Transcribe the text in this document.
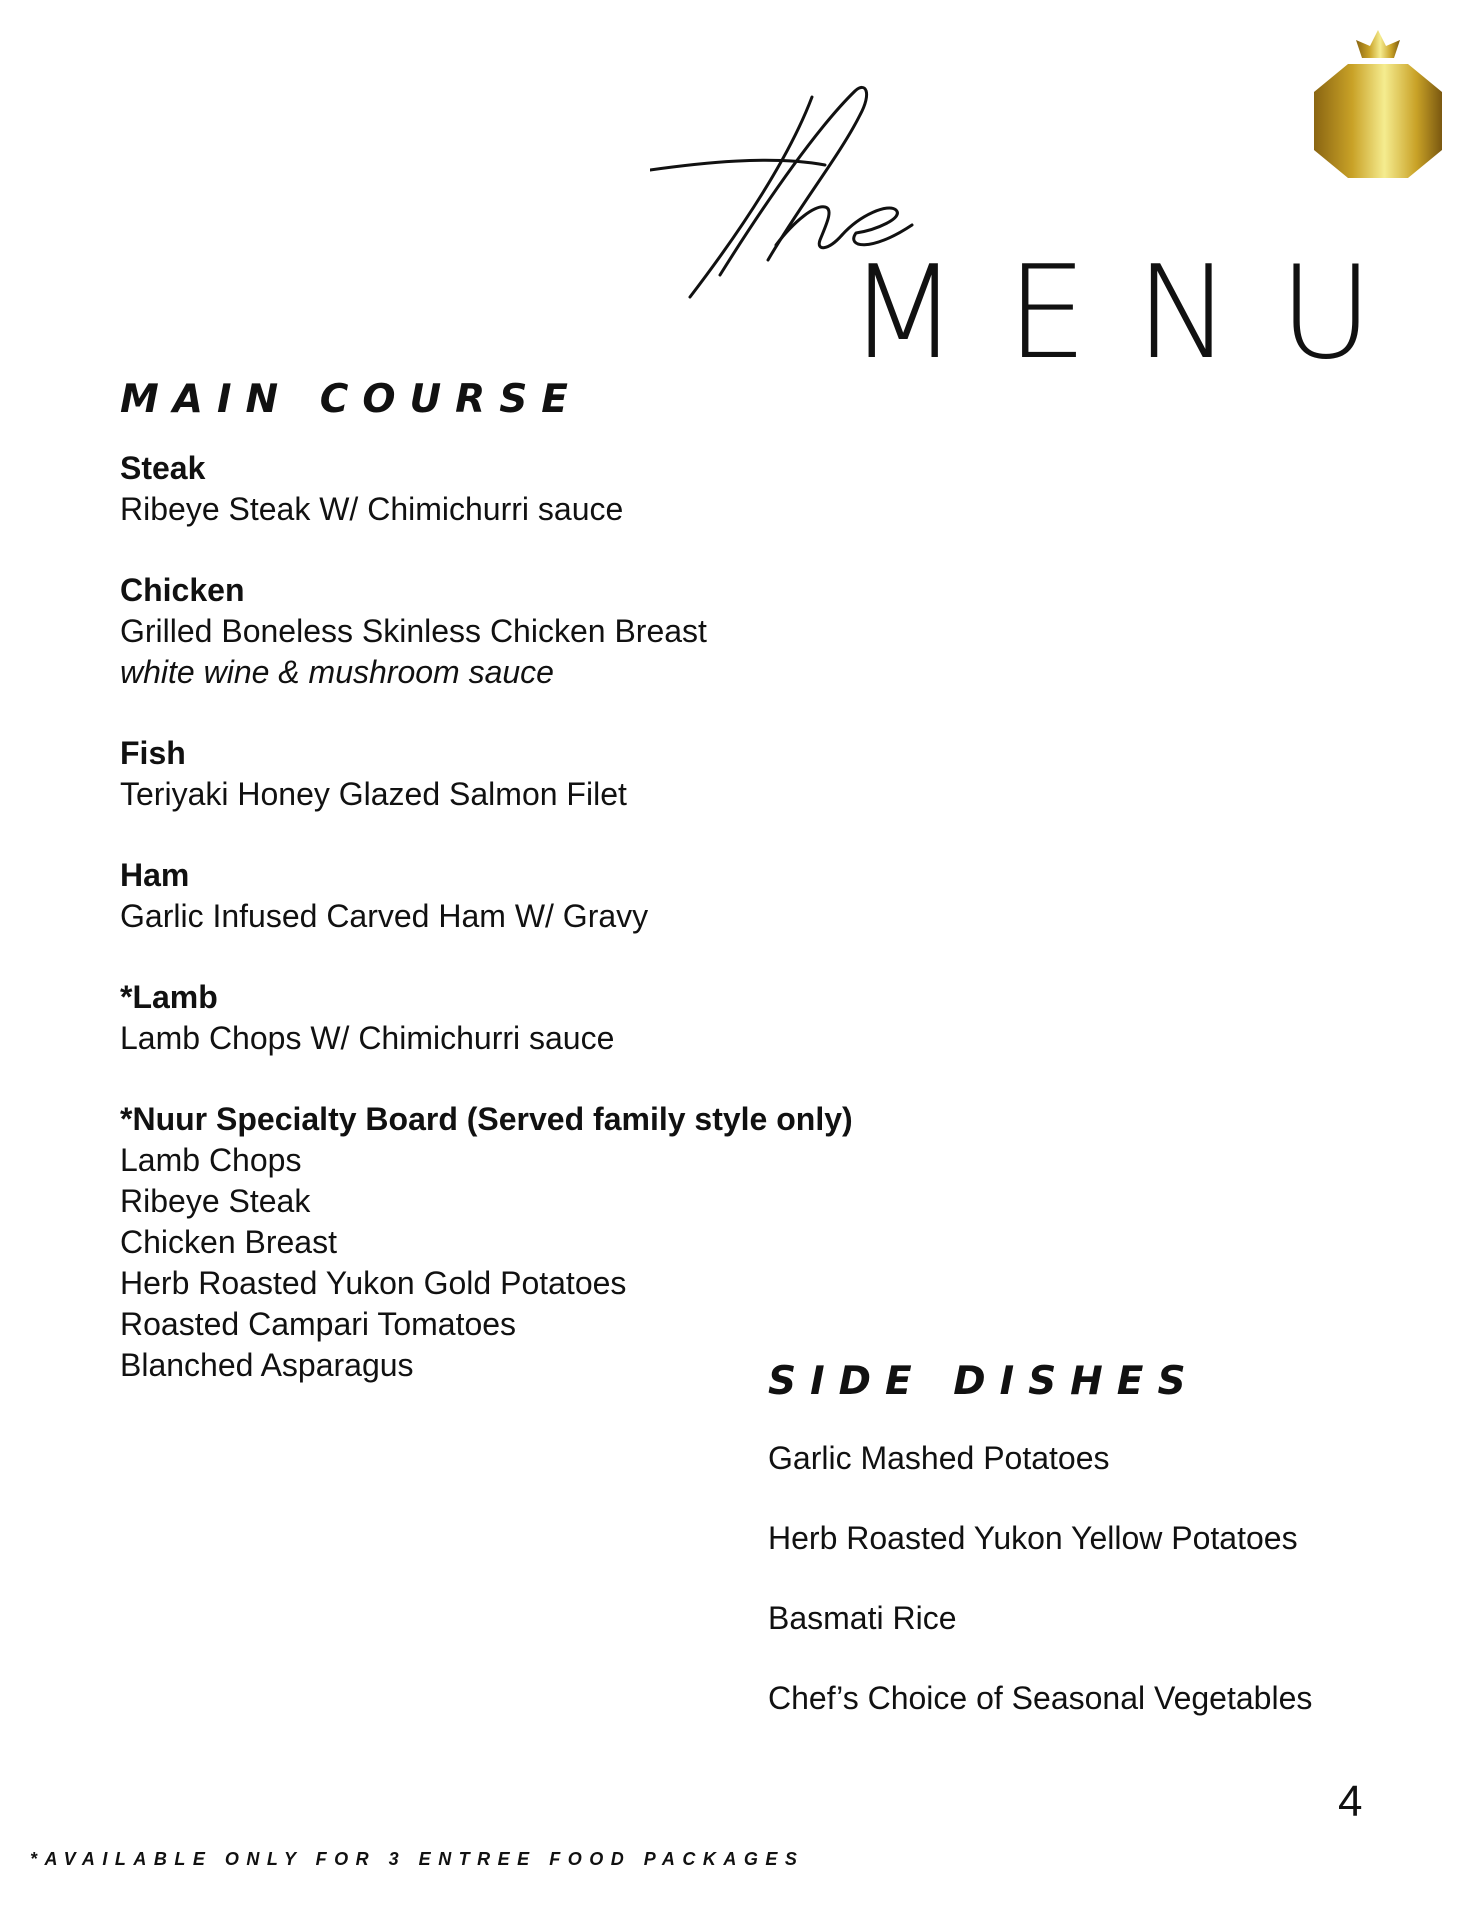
MENU
MAIN COURSE
Steak
Ribeye Steak W/ Chimichurri sauce
Chicken
Grilled Boneless Skinless Chicken Breast
white wine & mushroom sauce
Fish
Teriyaki Honey Glazed Salmon Filet
Ham
Garlic Infused Carved Ham W/ Gravy
*Lamb
Lamb Chops W/ Chimichurri sauce
*Nuur Specialty Board (Served family style only)
Lamb Chops
Ribeye Steak
Chicken Breast
Herb Roasted Yukon Gold Potatoes
Roasted Campari Tomatoes
Blanched Asparagus	SIDE DISHES
Garlic Mashed Potatoes
Herb Roasted Yukon Yellow Potatoes
Basmati Rice
Chef’s Choice of Seasonal Vegetables
4
*AVAILABLE ONLY FOR 3 ENTREE FOOD PACKAGES
